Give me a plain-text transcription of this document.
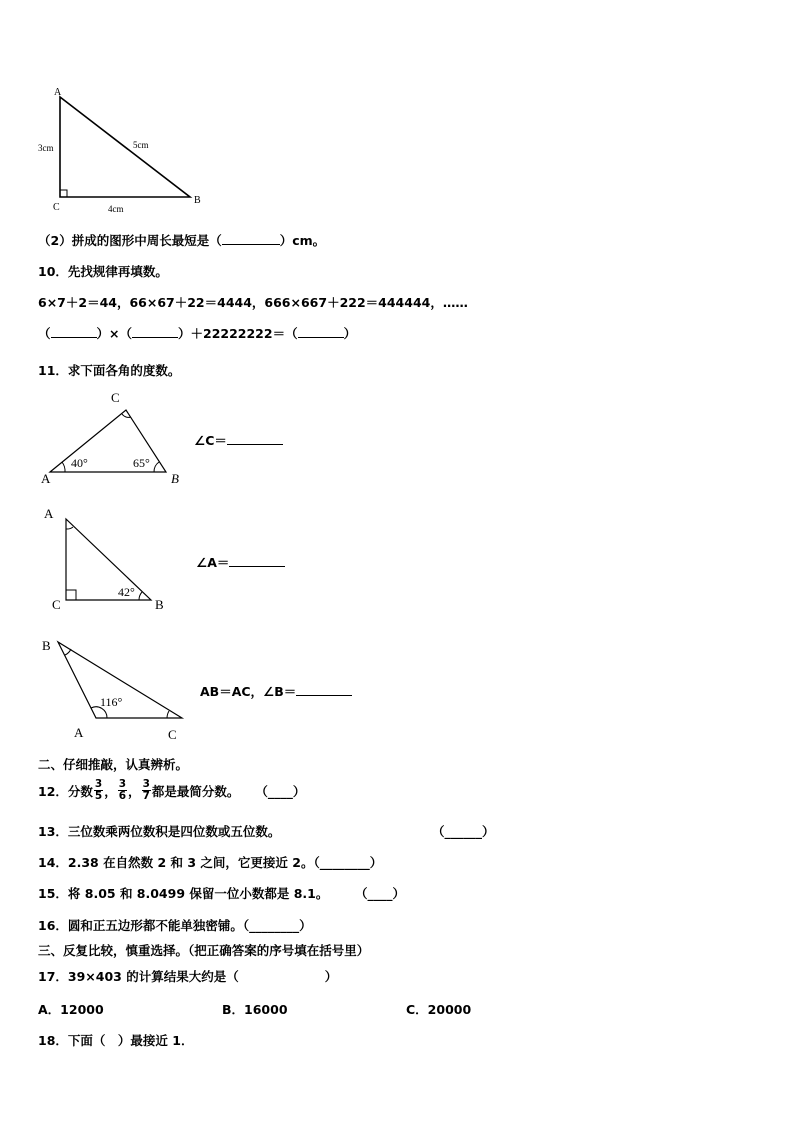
A
C
B
3cm	5cm
4cm
（2）拼成的图形中周长最短是（	）cm。
10．先找规律再填数。
6×7＋2＝44，66×67＋22＝4444，666×667＋222＝444444，……
（	）×（	）＋22222222＝（	）
11．求下面各角的度数。
C
A	B
40°	65°
∠C＝
A
C	B
42°
∠A＝
B
A	C
116°
AB＝AC，∠B＝
二、仔细推敲，认真辨析。
12．分数 $\frac{3}{5}$ ， $\frac{3}{6}$ ， $\frac{3}{7}$ 都是最简分数。 （____）
13．三位数乘两位数积是四位数或五位数。	（______）
14．2.38 在自然数 2 和 3 之间，它更接近 2。（________）
15．将 8.05 和 8.0499 保留一位小数都是 8.1。 （____）
16．圆和正五边形都不能单独密铺。（________）
三、反复比较，慎重选择。（把正确答案的序号填在括号里）
17．39×403 的计算结果大约是（	）
A．12000	B．16000	C．20000
18．下面（　）最接近 1．
